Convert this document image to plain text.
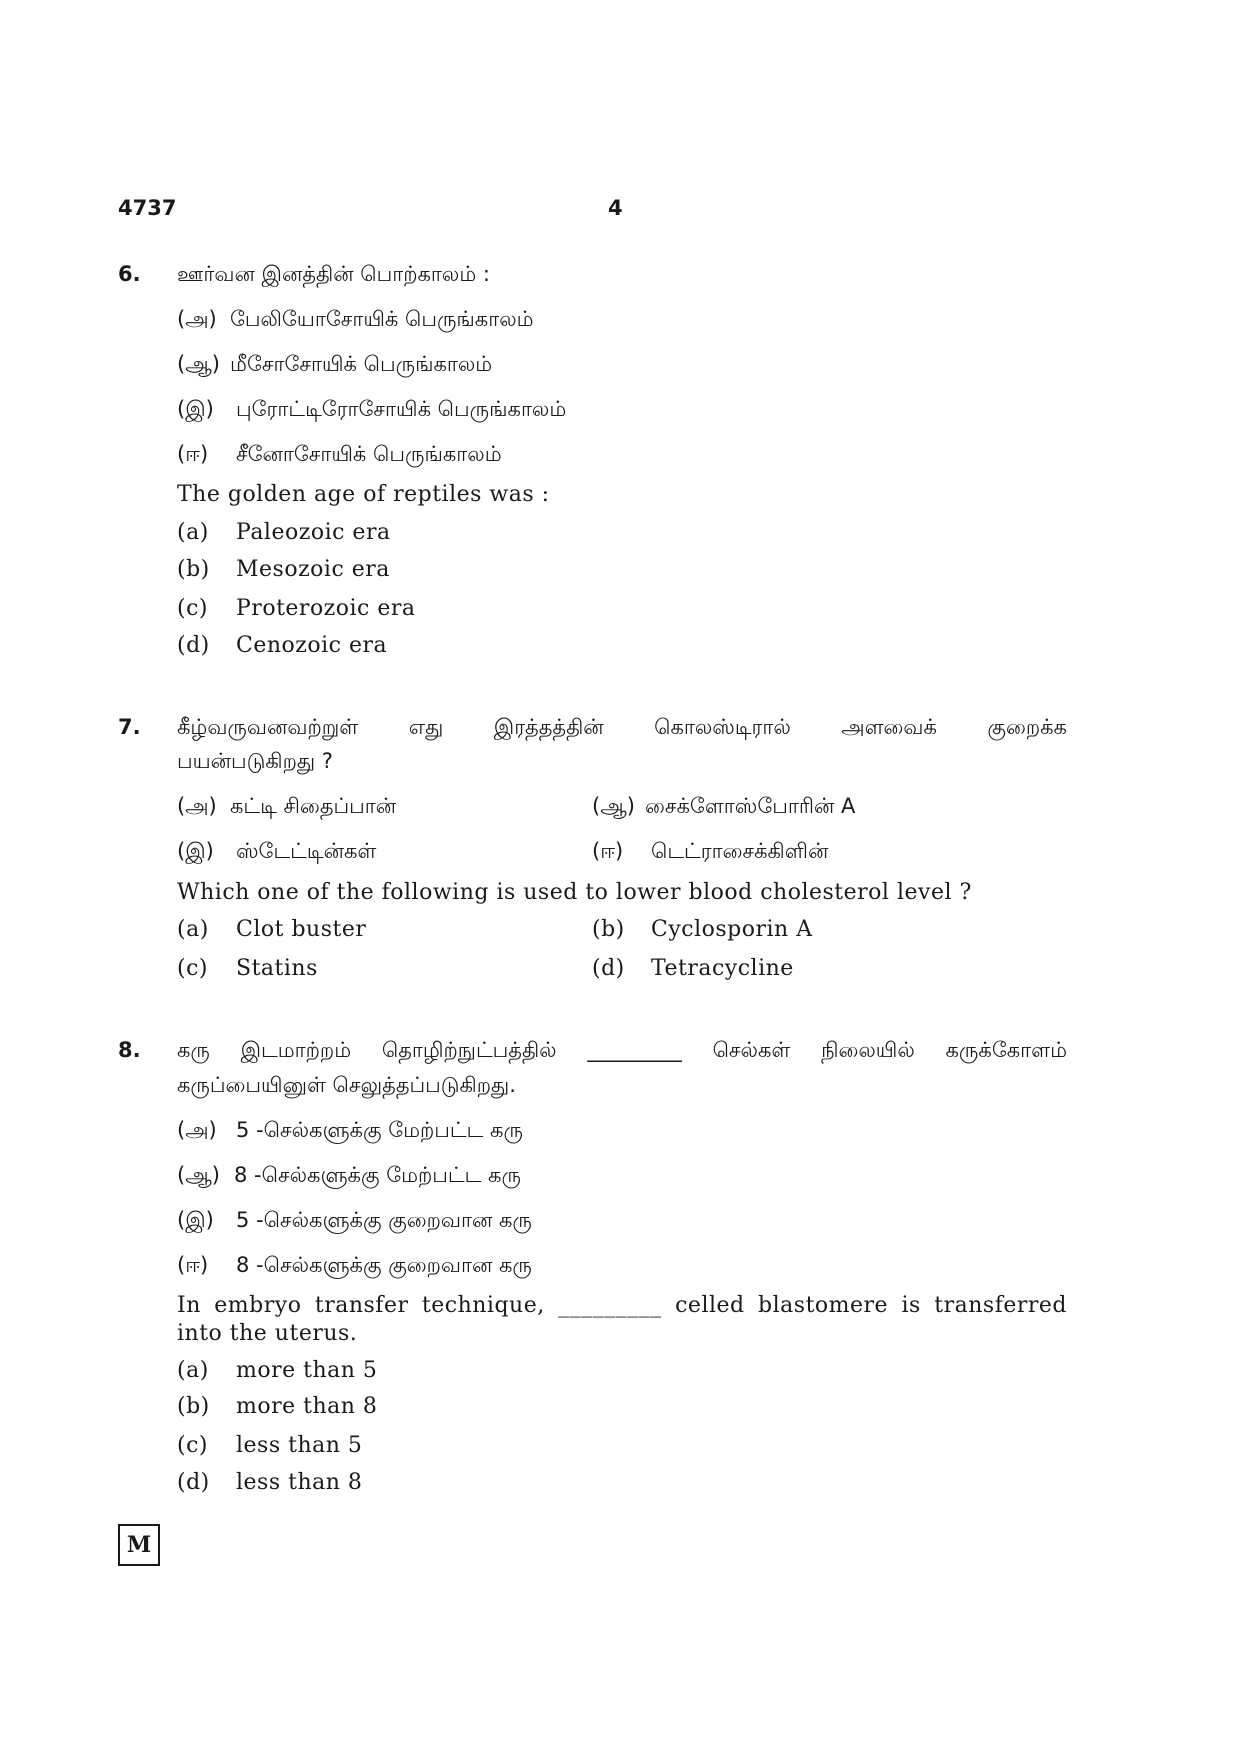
4737	4
6. ஊர்வன இனத்தின் பொற்காலம் :
(அ) பேலியோசோயிக் பெருங்காலம்
(ஆ) மீசோசோயிக் பெருங்காலம்
(இ) புரோட்டிரோசோயிக் பெருங்காலம்
(ஈ) சீனோசோயிக் பெருங்காலம்
The golden age of reptiles was :
(a) Paleozoic era
(b) Mesozoic era
(c) Proterozoic era
(d) Cenozoic era
7. கீழ்வருவனவற்றுள் எது இரத்தத்தின் கொலஸ்டிரால் அளவைக் குறைக்க
பயன்படுகிறது ?
(அ) கட்டி சிதைப்பான்	(ஆ) சைக்ளோஸ்போரின் A
(இ) ஸ்டேட்டின்கள்	(ஈ) டெட்ராசைக்கிளின்
Which one of the following is used to lower blood cholesterol level ?
(a) Clot buster	(b) Cyclosporin A
(c) Statins	(d) Tetracycline
8. கரு இடமாற்றம் தொழிற்நுட்பத்தில் _________ செல்கள் நிலையில் கருக்கோளம்
கருப்பையினுள் செலுத்தப்படுகிறது.
(அ) 5 -செல்களுக்கு மேற்பட்ட கரு
(ஆ) 8 -செல்களுக்கு மேற்பட்ட கரு
(இ) 5 -செல்களுக்கு குறைவான கரு
(ஈ) 8 -செல்களுக்கு குறைவான கரு
In embryo transfer technique, _________ celled blastomere is transferred
into the uterus.
(a) more than 5
(b) more than 8
(c) less than 5
(d) less than 8
M
